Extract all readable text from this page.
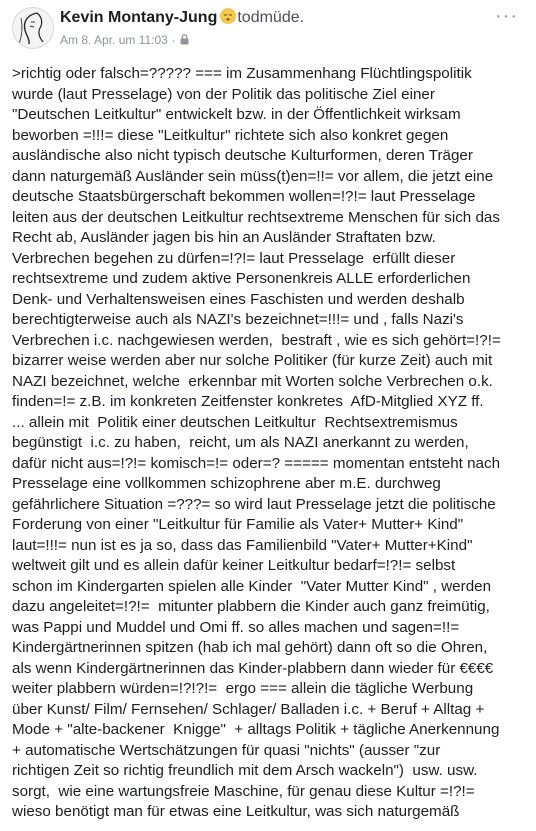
Kevin Montany-Jung todmüde.
Am 8. Apr. um 11:03 ·
···

>richtig oder falsch=????? === im Zusammenhang Flüchtlingspolitik
wurde (laut Presselage) von der Politik das politische Ziel einer
"Deutschen Leitkultur" entwickelt bzw. in der Öffentlichkeit wirksam
beworben =!!!= diese "Leitkultur" richtete sich also konkret gegen
ausländische also nicht typisch deutsche Kulturformen, deren Träger
dann naturgemäß Ausländer sein müss(t)en=!!= vor allem, die jetzt eine
deutsche Staatsbürgerschaft bekommen wollen=!?!= laut Presselage
leiten aus der deutschen Leitkultur rechtsextreme Menschen für sich das
Recht ab, Ausländer jagen bis hin an Ausländer Straftaten bzw.
Verbrechen begehen zu dürfen=!?!= laut Presselage  erfüllt dieser
rechtsextreme und zudem aktive Personenkreis ALLE erforderlichen
Denk- und Verhaltensweisen eines Faschisten und werden deshalb
berechtigterweise auch als NAZI's bezeichnet=!!!= und , falls Nazi's
Verbrechen i.c. nachgewiesen werden,  bestraft , wie es sich gehört=!?!=
bizarrer weise werden aber nur solche Politiker (für kurze Zeit) auch mit
NAZI bezeichnet, welche  erkennbar mit Worten solche Verbrechen o.k.
finden=!= z.B. im konkreten Zeitfenster konkretes  AfD-Mitglied XYZ ff.
... allein mit  Politik einer deutschen Leitkultur  Rechtsextremismus
begünstigt  i.c. zu haben,  reicht, um als NAZI anerkannt zu werden,
dafür nicht aus=!?!= komisch=!= oder=? ===== momentan entsteht nach
Presselage eine vollkommen schizophrene aber m.E. durchweg
gefährlichere Situation =???= so wird laut Presselage jetzt die politische
Forderung von einer "Leitkultur für Familie als Vater+ Mutter+ Kind"
laut=!!!= nun ist es ja so, dass das Familienbild "Vater+ Mutter+Kind"
weltweit gilt und es allein dafür keiner Leitkultur bedarf=!?!= selbst
schon im Kindergarten spielen alle Kinder  "Vater Mutter Kind" , werden
dazu angeleitet=!?!=  mitunter plabbern die Kinder auch ganz freimütig,
was Pappi und Muddel und Omi ff. so alles machen und sagen=!!=
Kindergärtnerinnen spitzen (hab ich mal gehört) dann oft so die Ohren,
als wenn Kindergärtnerinnen das Kinder-plabbern dann wieder für €€€€
weiter plabbern würden=!?!?!=  ergo === allein die tägliche Werbung
über Kunst/ Film/ Fernsehen/ Schlager/ Balladen i.c. + Beruf + Alltag +
Mode + "alte-backener  Knigge"  + alltags Politik + tägliche Anerkennung
+ automatische Wertschätzungen für quasi "nichts" (ausser "zur
richtigen Zeit so richtig freundlich mit dem Arsch wackeln")  usw. usw.
sorgt,  wie eine wartungsfreie Maschine, für genau diese Kultur =!?!=
wieso benötigt man für etwas eine Leitkultur, was sich naturgemäß
